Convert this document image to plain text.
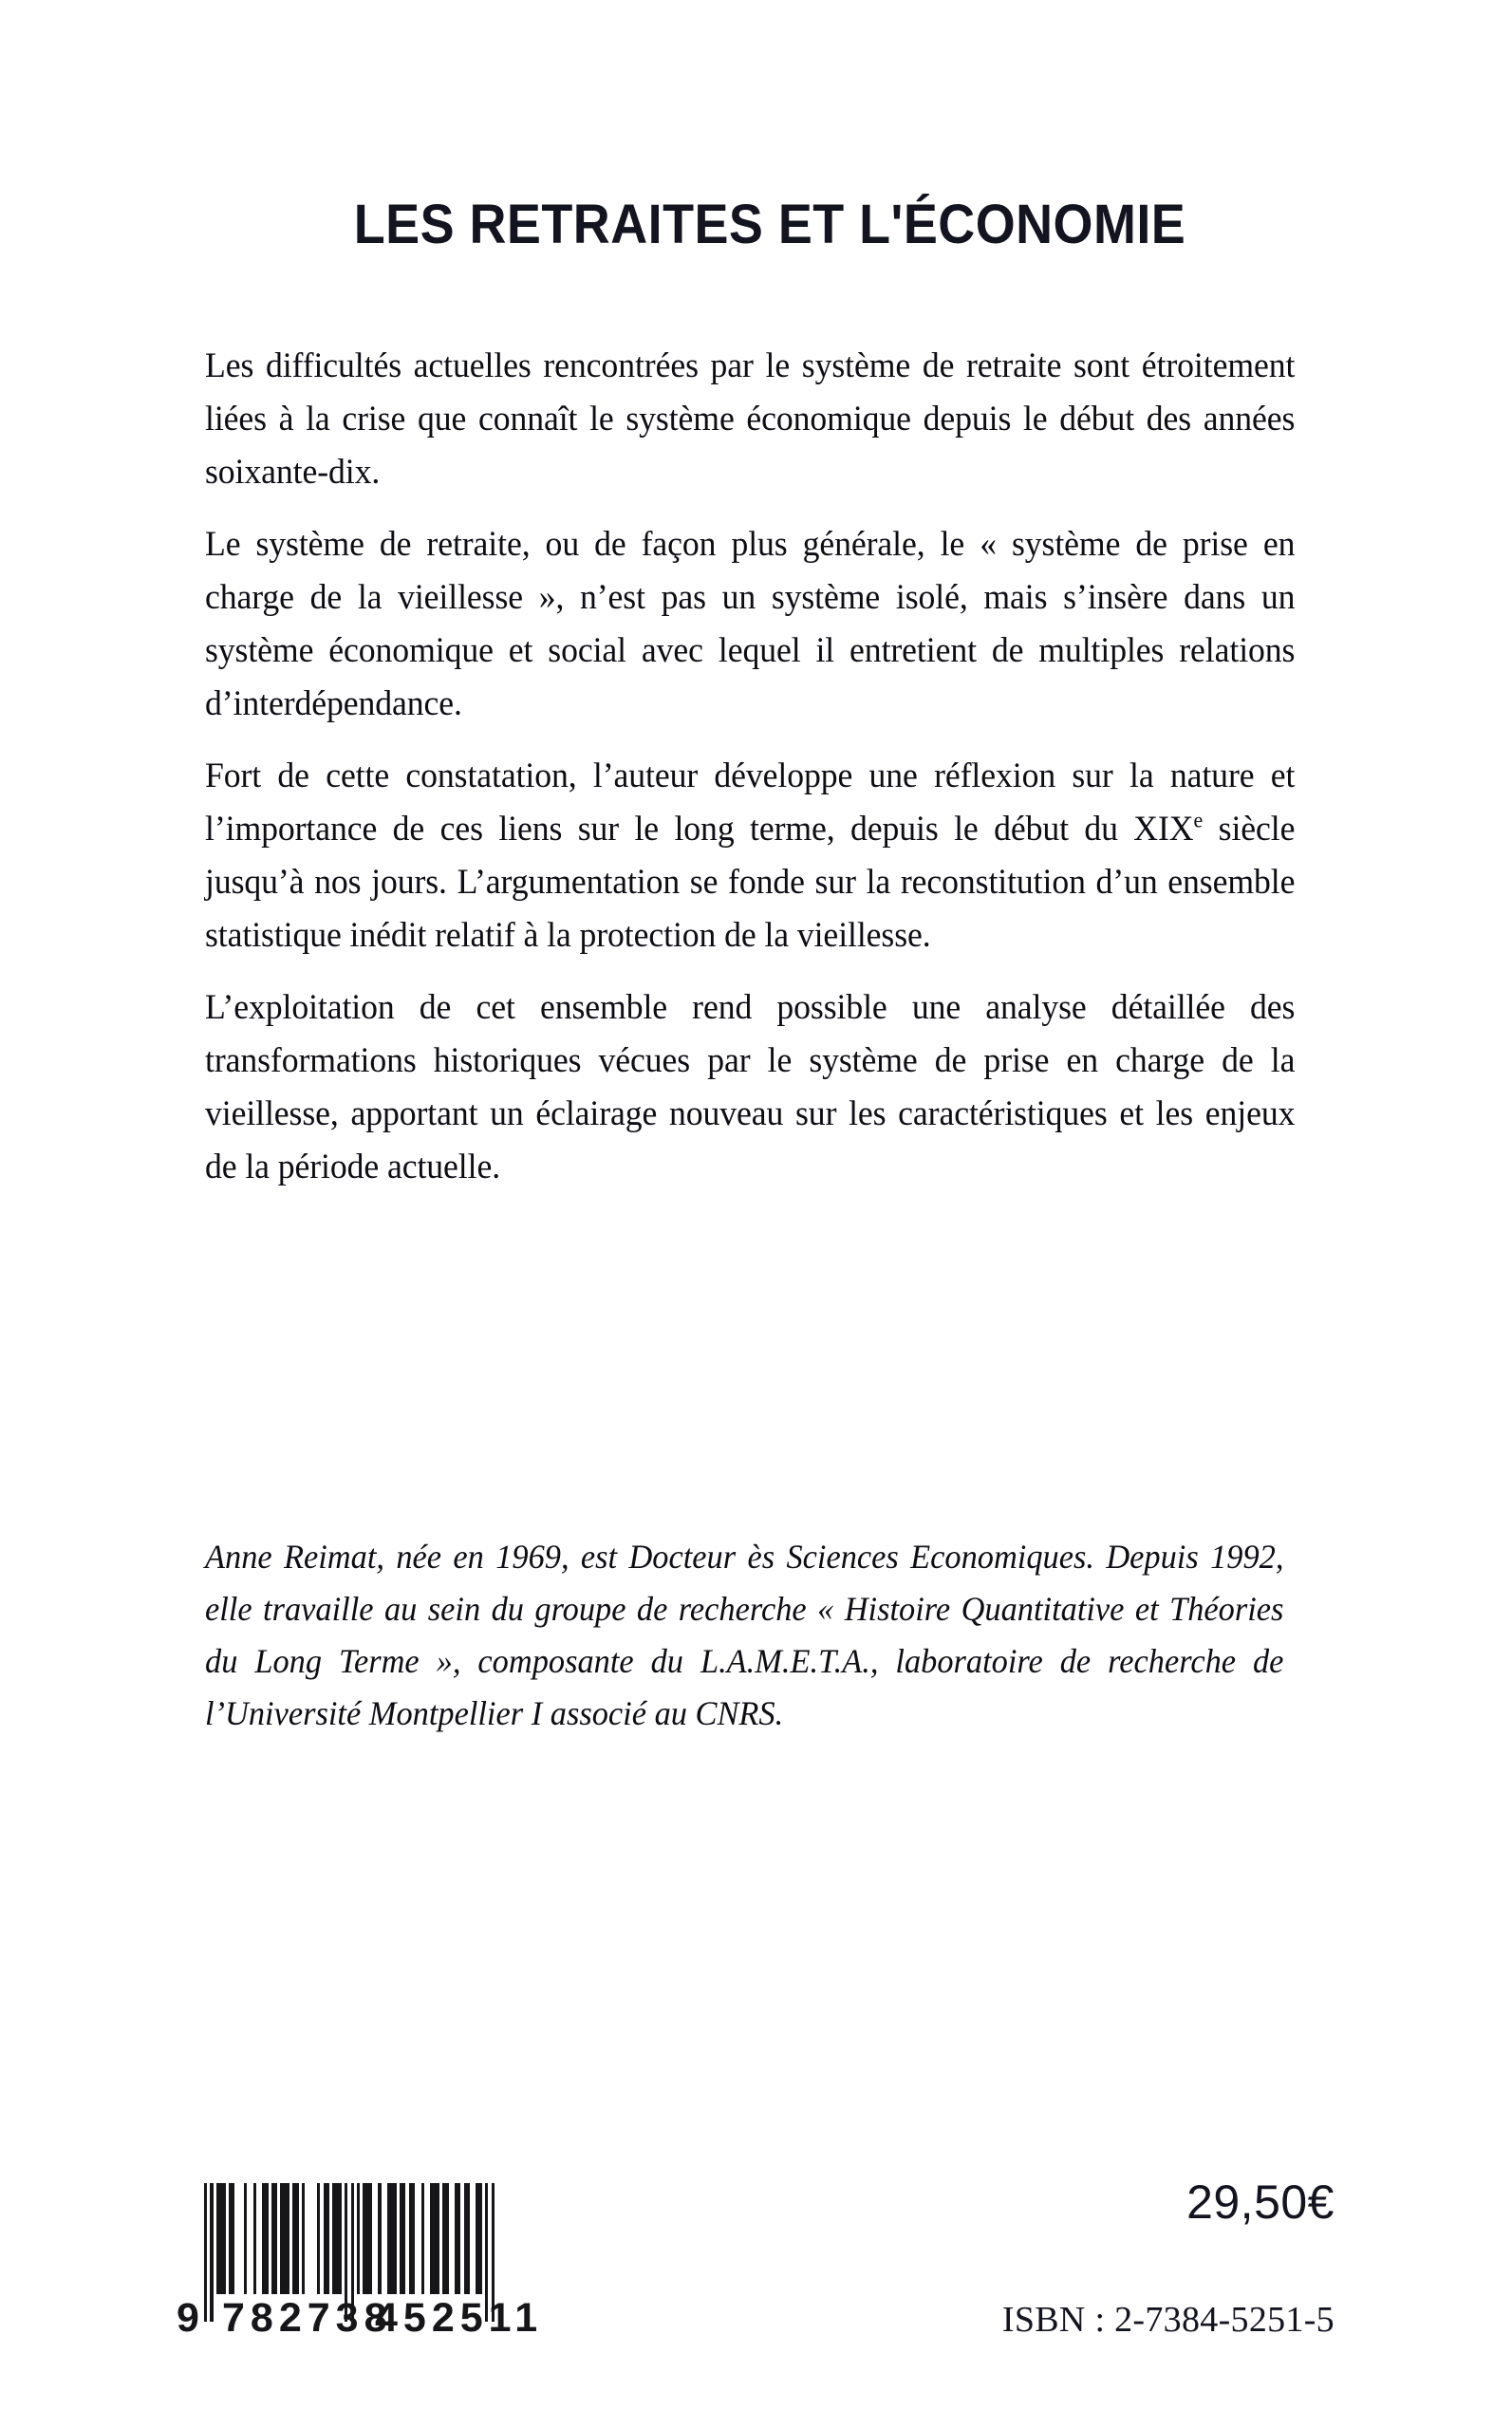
LES RETRAITES ET L'ÉCONOMIE

Les difficultés actuelles rencontrées par le système de retraite sont étroitement liées à la crise que connaît le système économique depuis le début des années soixante-dix.

Le système de retraite, ou de façon plus générale, le « système de prise en charge de la vieillesse », n’est pas un système isolé, mais s’insère dans un système économique et social avec lequel il entretient de multiples relations d’interdépendance.

Fort de cette constatation, l’auteur développe une réflexion sur la nature et l’importance de ces liens sur le long terme, depuis le début du XIXe siècle jusqu’à nos jours. L’argumentation se fonde sur la reconstitution d’un ensemble statistique inédit relatif à la protection de la vieillesse.

L’exploitation de cet ensemble rend possible une analyse détaillée des transformations historiques vécues par le système de prise en charge de la vieillesse, apportant un éclairage nouveau sur les caractéristiques et les enjeux de la période actuelle.

Anne Reimat, née en 1969, est Docteur ès Sciences Economiques. Depuis 1992, elle travaille au sein du groupe de recherche « Histoire Quantitative et Théories du Long Terme », composante du L.A.M.E.T.A., laboratoire de recherche de l’Université Montpellier I associé au CNRS.

9 782738
452511
29,50€
ISBN : 2-7384-5251-5
